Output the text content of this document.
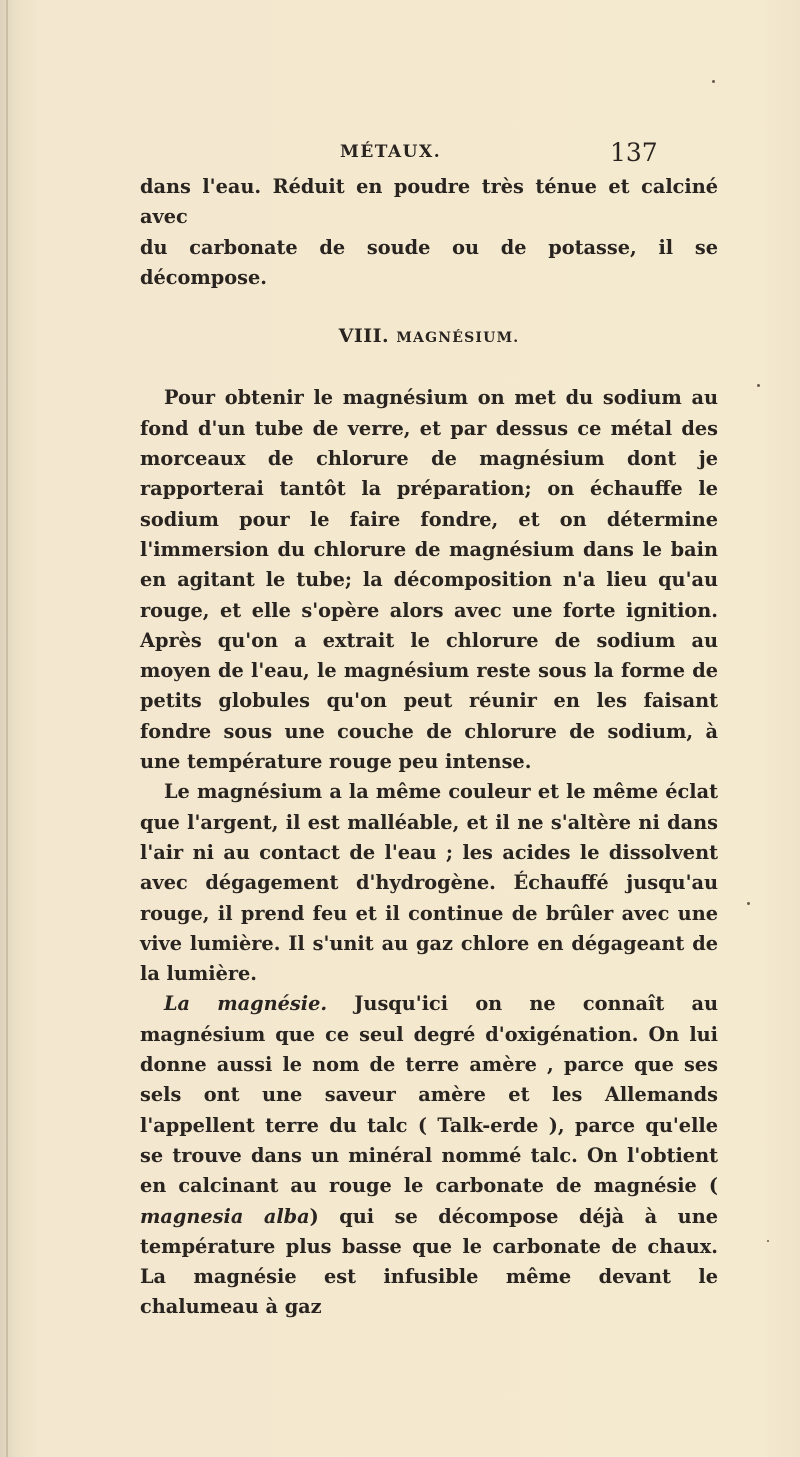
MÉTAUX.	137

dans l'eau. Réduit en poudre très ténue et calciné avec

du carbonate de soude ou de potasse, il se décompose.

VIII. MAGNÉSIUM.

Pour obtenir le magnésium on met du sodium au fond d'un tube de verre, et par dessus ce métal des morceaux de chlorure de magnésium dont je rapporterai tantôt la préparation; on échauffe le sodium pour le faire fondre, et on détermine l'immersion du chlorure de magnésium dans le bain en agitant le tube; la décomposition n'a lieu qu'au rouge, et elle s'opère alors avec une forte ignition. Après qu'on a extrait le chlorure de sodium au moyen de l'eau, le magnésium reste sous la forme de petits globules qu'on peut réunir en les faisant fondre sous une couche de chlorure de sodium, à une température rouge peu intense.

Le magnésium a la même couleur et le même éclat que l'argent, il est malléable, et il ne s'altère ni dans l'air ni au contact de l'eau ; les acides le dissolvent avec dégagement d'hydrogène. Échauffé jusqu'au rouge, il prend feu et il continue de brûler avec une vive lumière. Il s'unit au gaz chlore en dégageant de la lumière.

La magnésie. Jusqu'ici on ne connaît au magnésium que ce seul degré d'oxigénation. On lui donne aussi le nom de terre amère , parce que ses sels ont une saveur amère et les Allemands l'appellent terre du talc ( Talk-erde ), parce qu'elle se trouve dans un minéral nommé talc. On l'obtient en calcinant au rouge le carbonate de magnésie ( magnesia alba) qui se décompose déjà à une température plus basse que le carbonate de chaux. La magnésie est infusible même devant le chalumeau à gaz
